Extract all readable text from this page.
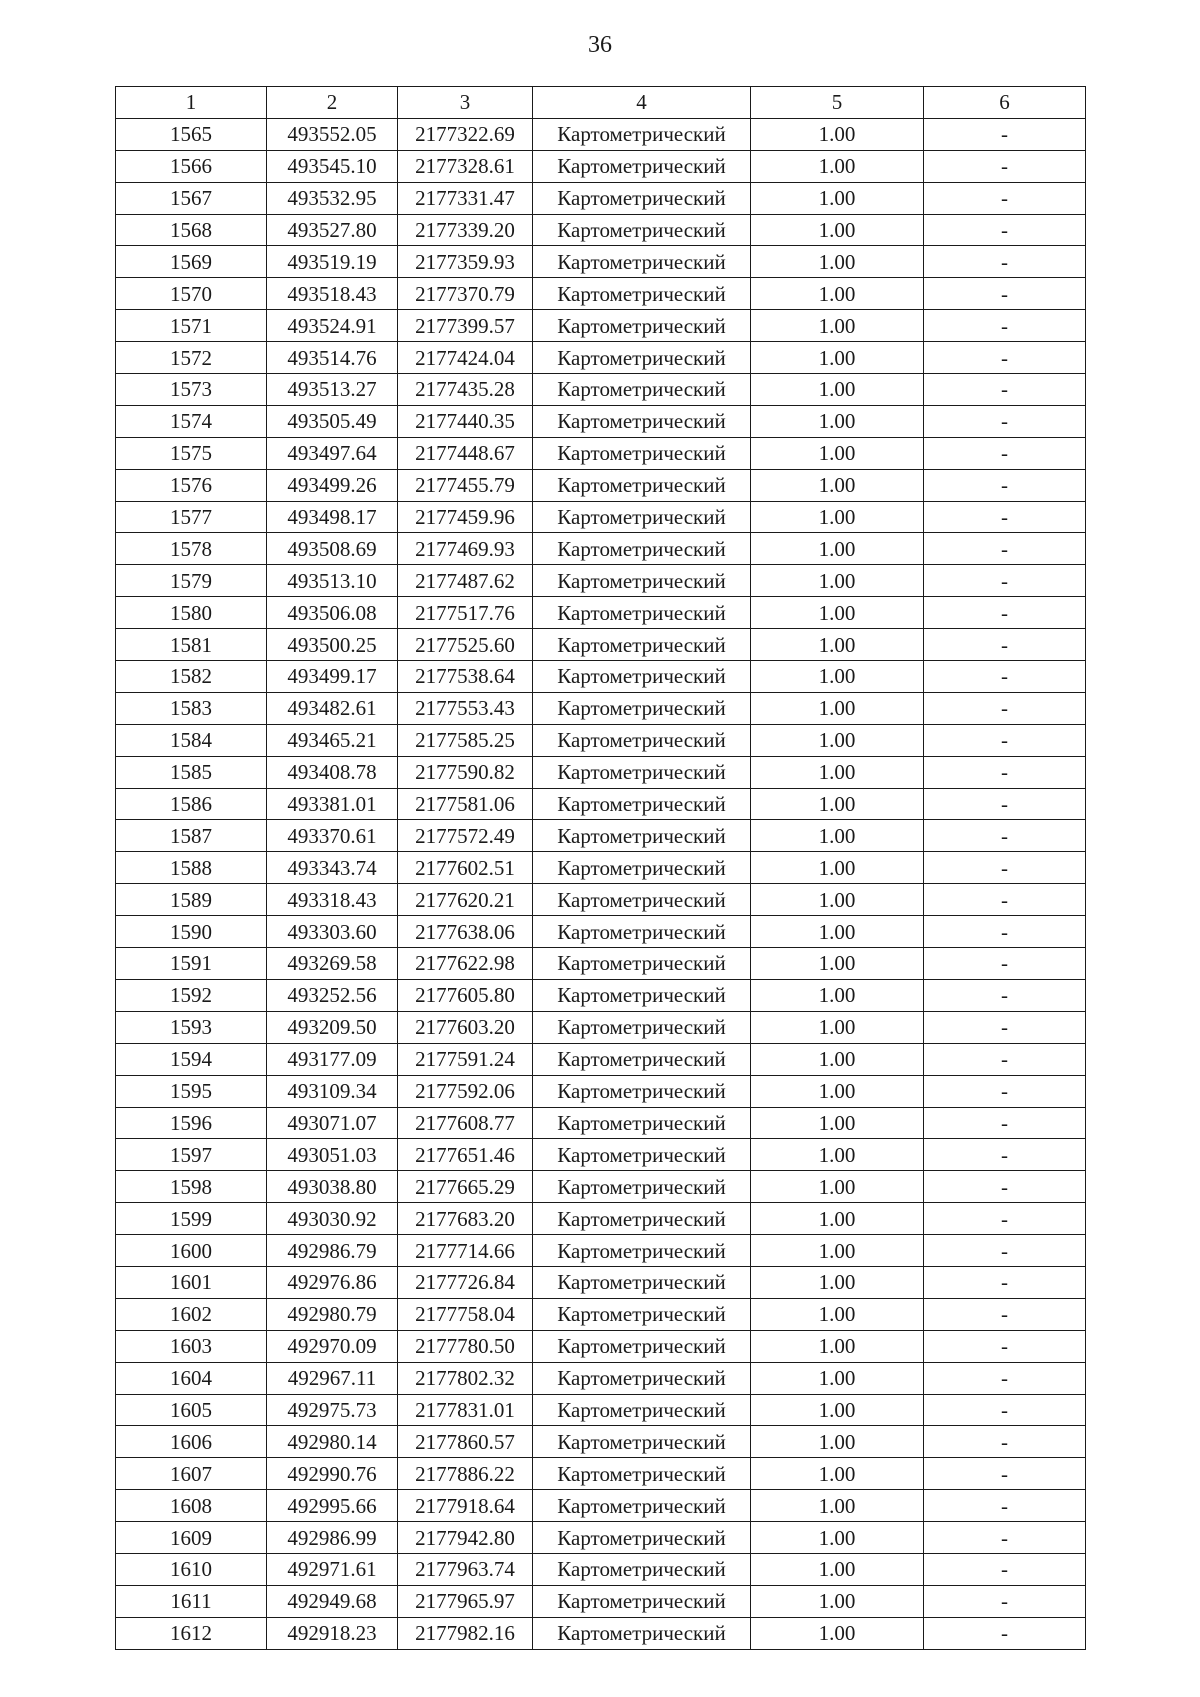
36
1	2	3	4	5	6
1565	493552.05	2177322.69	Картометрический	1.00	-
1566	493545.10	2177328.61	Картометрический	1.00	-
1567	493532.95	2177331.47	Картометрический	1.00	-
1568	493527.80	2177339.20	Картометрический	1.00	-
1569	493519.19	2177359.93	Картометрический	1.00	-
1570	493518.43	2177370.79	Картометрический	1.00	-
1571	493524.91	2177399.57	Картометрический	1.00	-
1572	493514.76	2177424.04	Картометрический	1.00	-
1573	493513.27	2177435.28	Картометрический	1.00	-
1574	493505.49	2177440.35	Картометрический	1.00	-
1575	493497.64	2177448.67	Картометрический	1.00	-
1576	493499.26	2177455.79	Картометрический	1.00	-
1577	493498.17	2177459.96	Картометрический	1.00	-
1578	493508.69	2177469.93	Картометрический	1.00	-
1579	493513.10	2177487.62	Картометрический	1.00	-
1580	493506.08	2177517.76	Картометрический	1.00	-
1581	493500.25	2177525.60	Картометрический	1.00	-
1582	493499.17	2177538.64	Картометрический	1.00	-
1583	493482.61	2177553.43	Картометрический	1.00	-
1584	493465.21	2177585.25	Картометрический	1.00	-
1585	493408.78	2177590.82	Картометрический	1.00	-
1586	493381.01	2177581.06	Картометрический	1.00	-
1587	493370.61	2177572.49	Картометрический	1.00	-
1588	493343.74	2177602.51	Картометрический	1.00	-
1589	493318.43	2177620.21	Картометрический	1.00	-
1590	493303.60	2177638.06	Картометрический	1.00	-
1591	493269.58	2177622.98	Картометрический	1.00	-
1592	493252.56	2177605.80	Картометрический	1.00	-
1593	493209.50	2177603.20	Картометрический	1.00	-
1594	493177.09	2177591.24	Картометрический	1.00	-
1595	493109.34	2177592.06	Картометрический	1.00	-
1596	493071.07	2177608.77	Картометрический	1.00	-
1597	493051.03	2177651.46	Картометрический	1.00	-
1598	493038.80	2177665.29	Картометрический	1.00	-
1599	493030.92	2177683.20	Картометрический	1.00	-
1600	492986.79	2177714.66	Картометрический	1.00	-
1601	492976.86	2177726.84	Картометрический	1.00	-
1602	492980.79	2177758.04	Картометрический	1.00	-
1603	492970.09	2177780.50	Картометрический	1.00	-
1604	492967.11	2177802.32	Картометрический	1.00	-
1605	492975.73	2177831.01	Картометрический	1.00	-
1606	492980.14	2177860.57	Картометрический	1.00	-
1607	492990.76	2177886.22	Картометрический	1.00	-
1608	492995.66	2177918.64	Картометрический	1.00	-
1609	492986.99	2177942.80	Картометрический	1.00	-
1610	492971.61	2177963.74	Картометрический	1.00	-
1611	492949.68	2177965.97	Картометрический	1.00	-
1612	492918.23	2177982.16	Картометрический	1.00	-
